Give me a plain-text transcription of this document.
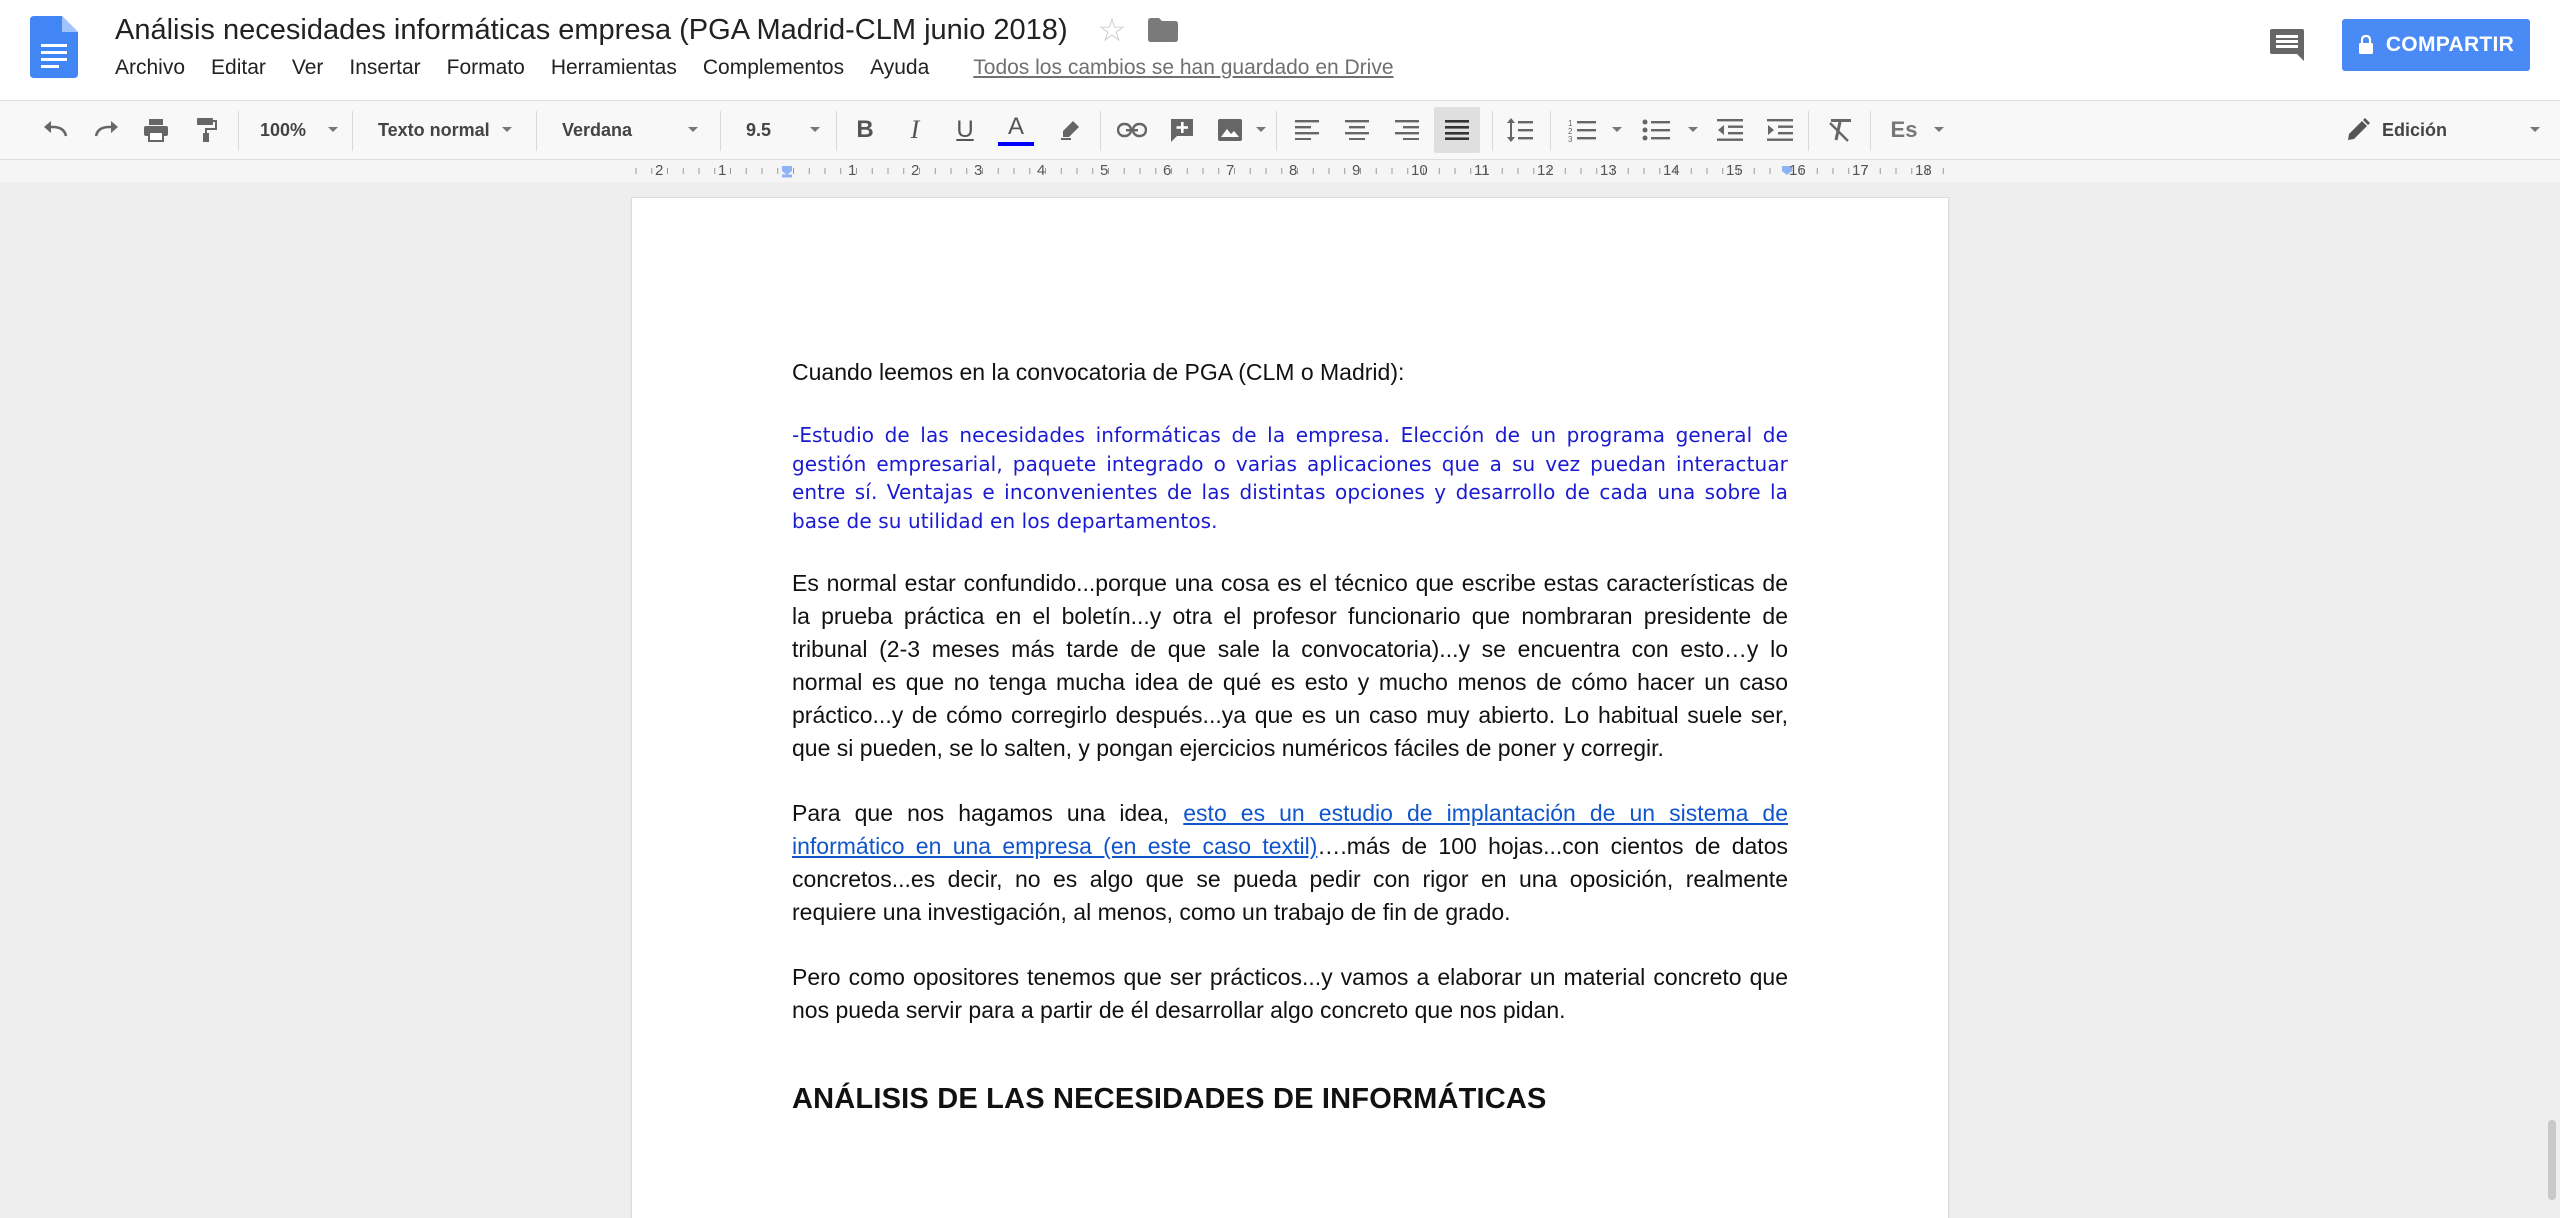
Análisis necesidades informáticas empresa (PGA Madrid-CLM junio 2018) ☆
Archivo Editar Ver Insertar Formato Herramientas Complementos Ayuda Todos los cambios se han guardado en Drive
COMPARTIR
100%	Texto normal	Verdana	9.5	B I U A	1
2
3	Es	Edición
2	1	1	2	3	4	5	6	7	8	9	10	11	12	13	14	15	16	17	18

Cuando leemos en la convocatoria de PGA (CLM o Madrid):

-Estudio de las necesidades informáticas de la empresa. Elección de un programa general de gestión empresarial, paquete integrado o varias aplicaciones que a su vez puedan interactuar entre sí. Ventajas e inconvenientes de las distintas opciones y desarrollo de cada una sobre la base de su utilidad en los departamentos.

Es normal estar confundido...porque una cosa es el técnico que escribe estas características de la prueba práctica en el boletín...y otra el profesor funcionario que nombraran presidente de tribunal (2-3 meses más tarde de que sale la convocatoria)...y se encuentra con esto…y lo normal es que no tenga mucha idea de qué es esto y mucho menos de cómo hacer un caso práctico...y de cómo corregirlo después...ya que es un caso muy abierto. Lo habitual suele ser, que si pueden, se lo salten, y pongan ejercicios numéricos fáciles de poner y corregir.

Para que nos hagamos una idea, esto es un estudio de implantación de un sistema de informático en una empresa (en este caso textil)….más de 100 hojas...con cientos de datos concretos...es decir, no es algo que se pueda pedir con rigor en una oposición, realmente requiere una investigación, al menos, como un trabajo de fin de grado.

Pero como opositores tenemos que ser prácticos...y vamos a elaborar un material concreto que nos pueda servir para a partir de él desarrollar algo concreto que nos pidan.

ANÁLISIS DE LAS NECESIDADES DE INFORMÁTICAS
